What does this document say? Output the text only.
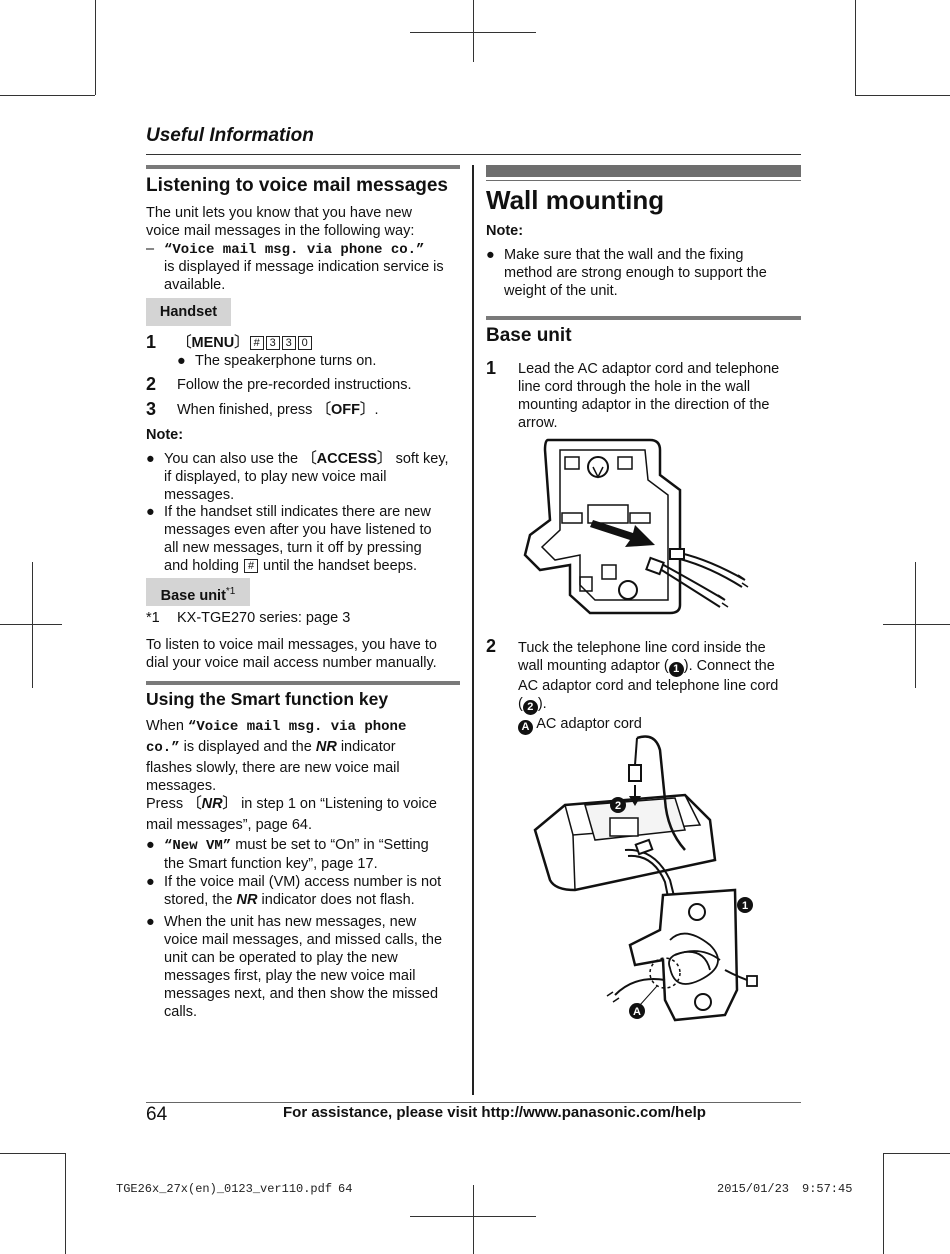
Useful Information
Listening to voice mail messages
The unit lets you know that you have new
voice mail messages in the following way:
– “Voice mail msg. via phone co.”
is displayed if message indication service is
available.
Handset
1 〔MENU〕 # 3 3 0
● The speakerphone turns on.
2 Follow the pre-recorded instructions.
3 When finished, press 〔OFF〕.
Note:
● You can also use the 〔ACCESS〕 soft key,
if displayed, to play new voice mail
messages.
● If the handset still indicates there are new
messages even after you have listened to
all new messages, turn it off by pressing
and holding # until the handset beeps.
Base unit$^{*1}$
*1 KX-TGE270 series: page 3
To listen to voice mail messages, you have to
dial your voice mail access number manually.
Using the Smart function key
When “Voice mail msg. via phone
co.” is displayed and the NR indicator
flashes slowly, there are new voice mail
messages.
Press 〔NR〕 in step 1 on “Listening to voice
mail messages”, page 64.
● “New VM” must be set to “On” in “Setting
the Smart function key”, page 17.
● If the voice mail (VM) access number is not
stored, the NR indicator does not flash.
● When the unit has new messages, new
voice mail messages, and missed calls, the
unit can be operated to play the new
messages first, play the new voice mail
messages next, and then show the missed
calls.
Wall mounting
Note:
● Make sure that the wall and the fixing
method are strong enough to support the
weight of the unit.
Base unit
1 Lead the AC adaptor cord and telephone
line cord through the hole in the wall
mounting adaptor in the direction of the
arrow.
2 Tuck the telephone line cord inside the
wall mounting adaptor ( 1 ). Connect the
AC adaptor cord and telephone line cord
( 2 ).
A AC adaptor cord
2
1
A
64	For assistance, please visit http://www.panasonic.com/help
TGE26x_27x(en)_0123_ver110.pdf 64	2015/01/23 9:57:45
